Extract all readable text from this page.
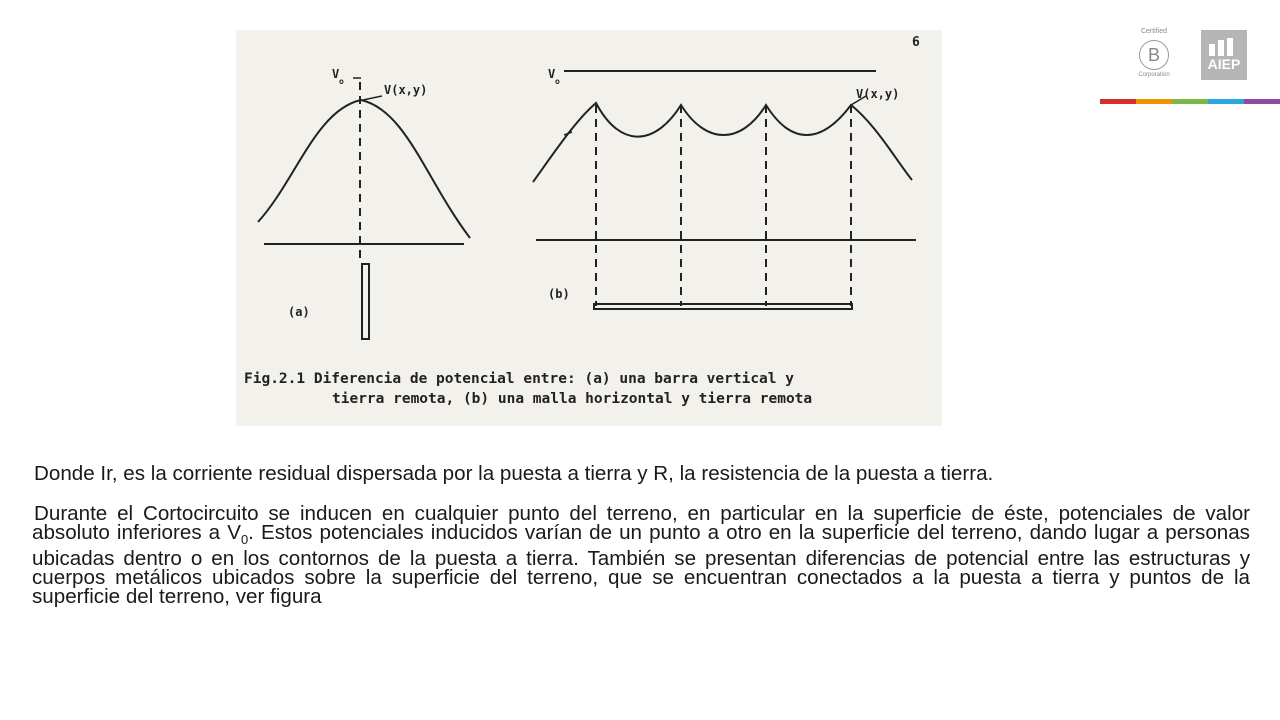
6
V
o
V(x,y)
V
o
V(x,y)
(a)
(b)
Fig.2.1 Diferencia de potencial entre: (a) una barra vertical y
tierra remota, (b) una malla horizontal y tierra remota
Certified
B
Corporation
AIEP

Donde Ir, es la corriente residual dispersada por la puesta a tierra y R, la resistencia de la puesta a tierra.

Durante el Cortocircuito se inducen en cualquier punto del terreno, en particular en la superficie de éste, potenciales de valor absoluto inferiores a $V_0$. Estos potenciales inducidos varían de un punto a otro en la superficie del terreno, dando lugar a personas ubicadas dentro o en los contornos de la puesta a tierra. También se presentan diferencias de potencial entre las estructuras y cuerpos metálicos ubicados sobre la superficie del terreno, que se encuentran conectados a la puesta a tierra y puntos de la superficie del terreno, ver figura
